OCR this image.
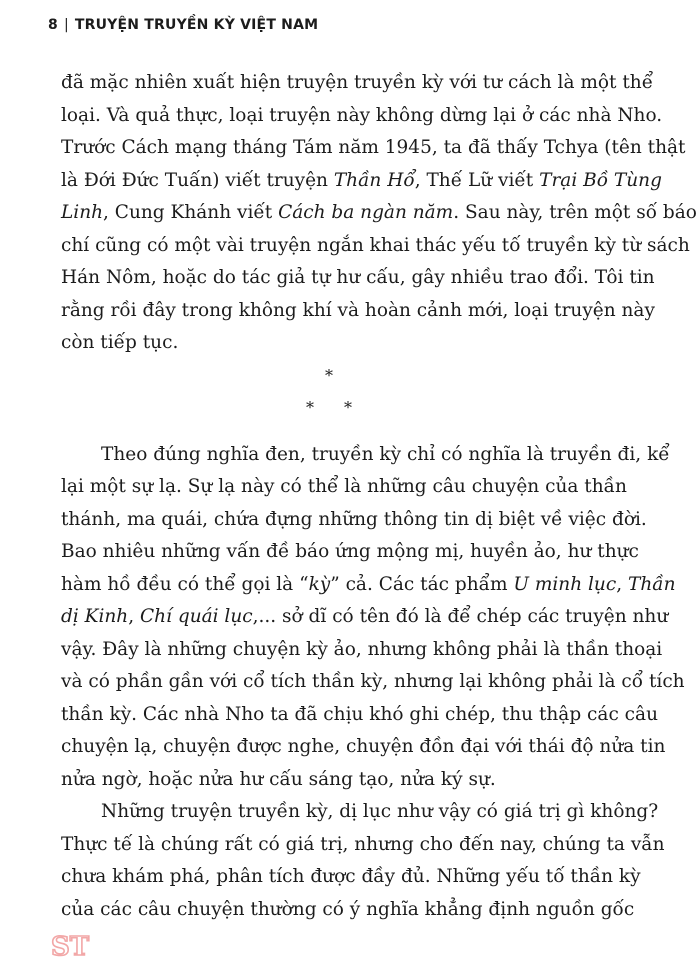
8 | TRUYỆN TRUYỀN KỲ VIỆT NAM
đã mặc nhiên xuất hiện truyện truyền kỳ với tư cách là một thể
loại. Và quả thực, loại truyện này không dừng lại ở các nhà Nho.
Trước Cách mạng tháng Tám năm 1945, ta đã thấy Tchya (tên thật
là Đới Đức Tuấn) viết truyện Thần Hổ, Thế Lữ viết Trại Bồ Tùng
Linh, Cung Khánh viết Cách ba ngàn năm. Sau này, trên một số báo
chí cũng có một vài truyện ngắn khai thác yếu tố truyền kỳ từ sách
Hán Nôm, hoặc do tác giả tự hư cấu, gây nhiều trao đổi. Tôi tin
rằng rồi đây trong không khí và hoàn cảnh mới, loại truyện này
còn tiếp tục.
*
* *
Theo đúng nghĩa đen, truyền kỳ chỉ có nghĩa là truyền đi, kể
lại một sự lạ. Sự lạ này có thể là những câu chuyện của thần
thánh, ma quái, chứa đựng những thông tin dị biệt về việc đời.
Bao nhiêu những vấn đề báo ứng mộng mị, huyền ảo, hư thực
hàm hồ đều có thể gọi là “kỳ” cả. Các tác phẩm U minh lục, Thần
dị Kinh, Chí quái lục,... sở dĩ có tên đó là để chép các truyện như
vậy. Đây là những chuyện kỳ ảo, nhưng không phải là thần thoại
và có phần gần với cổ tích thần kỳ, nhưng lại không phải là cổ tích
thần kỳ. Các nhà Nho ta đã chịu khó ghi chép, thu thập các câu
chuyện lạ, chuyện được nghe, chuyện đồn đại với thái độ nửa tin
nửa ngờ, hoặc nửa hư cấu sáng tạo, nửa ký sự.
Những truyện truyền kỳ, dị lục như vậy có giá trị gì không?
Thực tế là chúng rất có giá trị, nhưng cho đến nay, chúng ta vẫn
chưa khám phá, phân tích được đầy đủ. Những yếu tố thần kỳ
của các câu chuyện thường có ý nghĩa khẳng định nguồn gốc
ST
